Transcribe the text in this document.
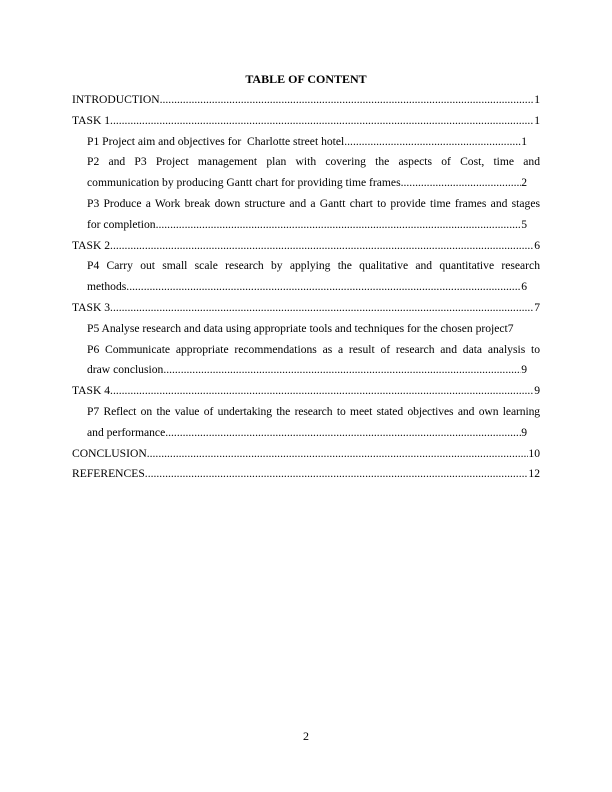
TABLE OF CONTENT
INTRODUCTION .....	1
TASK 1 .....	1
P1 Project aim and objectives for  Charlotte street hotel .....	1
P2 and P3 Project management plan with covering the aspects of Cost, time and
communication by producing Gantt chart for providing time frames .....	2
P3 Produce a Work break down structure and a Gantt chart to provide time frames and stages
for completion .....	5
TASK 2 .....	6
P4 Carry out small scale research by applying the qualitative and quantitative research
methods .....	6
TASK 3 .....	7
P5 Analyse research and data using appropriate tools and techniques for the chosen project 7
P6 Communicate appropriate recommendations as a result of research and data analysis to
draw conclusion .....	9
TASK 4 .....	9
P7 Reflect on the value of undertaking the research to meet stated objectives and own learning
and performance .....	9
CONCLUSION .....	10
REFERENCES .....	12
2
